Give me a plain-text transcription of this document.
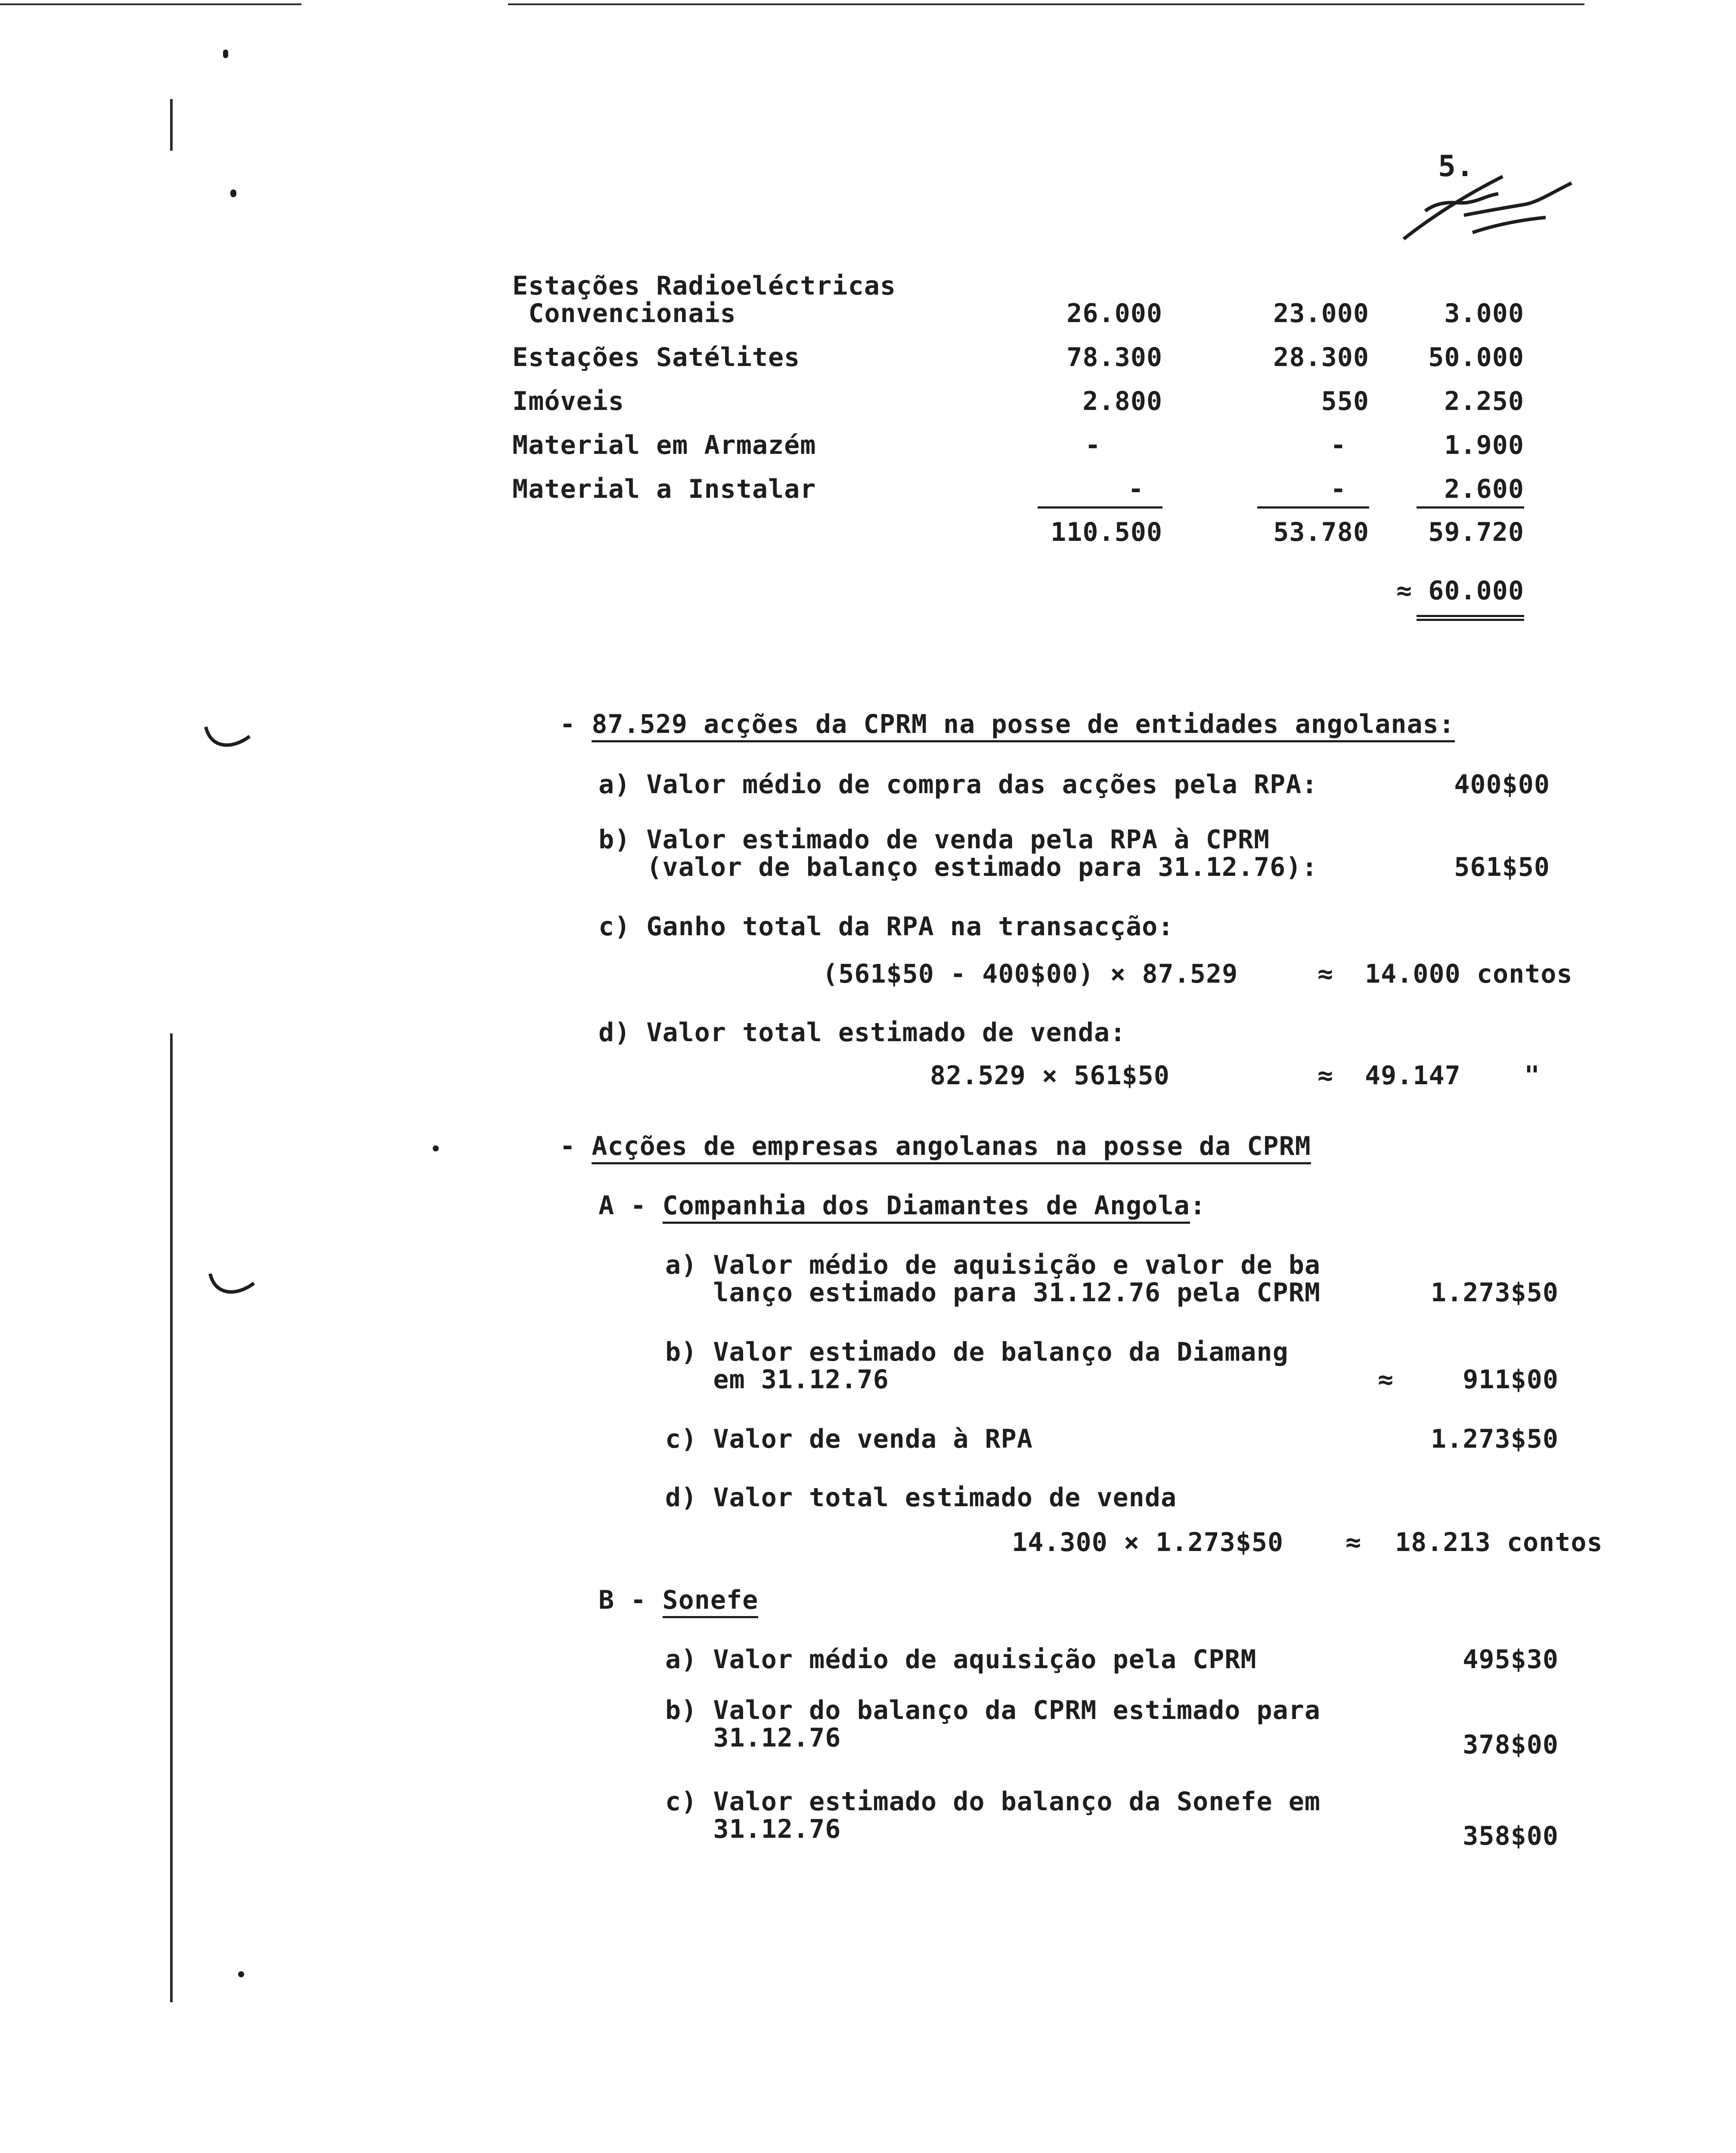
5.
Estações Radioeléctricas
Convencionais	26.000	23.000	3.000
Estações Satélites	78.300	28.300	50.000
Imóveis	2.800	550	2.250
Material em Armazém	-	-	1.900
Material a Instalar	-	-	2.600
110.500	53.780	59.720
≈ 60.000
- 87.529 acções da CPRM na posse de entidades angolanas:
a) Valor médio de compra das acções pela RPA:	400$00
b) Valor estimado de venda pela RPA à CPRM
(valor de balanço estimado para 31.12.76):	561$50
c) Ganho total da RPA na transacção:
(561$50 - 400$00) × 87.529	≈ 14.000 contos
d) Valor total estimado de venda:
82.529 × 561$50	≈ 49.147 "
- Acções de empresas angolanas na posse da CPRM
A - Companhia dos Diamantes de Angola:
a) Valor médio de aquisição e valor de ba
lanço estimado para 31.12.76 pela CPRM	1.273$50
b) Valor estimado de balanço da Diamang
em 31.12.76	≈	911$00
c) Valor de venda à RPA	1.273$50
d) Valor total estimado de venda
14.300 × 1.273$50 ≈ 18.213 contos
B - Sonefe
a) Valor médio de aquisição pela CPRM	495$30
b) Valor do balanço da CPRM estimado para
31.12.76	378$00
c) Valor estimado do balanço da Sonefe em
31.12.76	358$00
